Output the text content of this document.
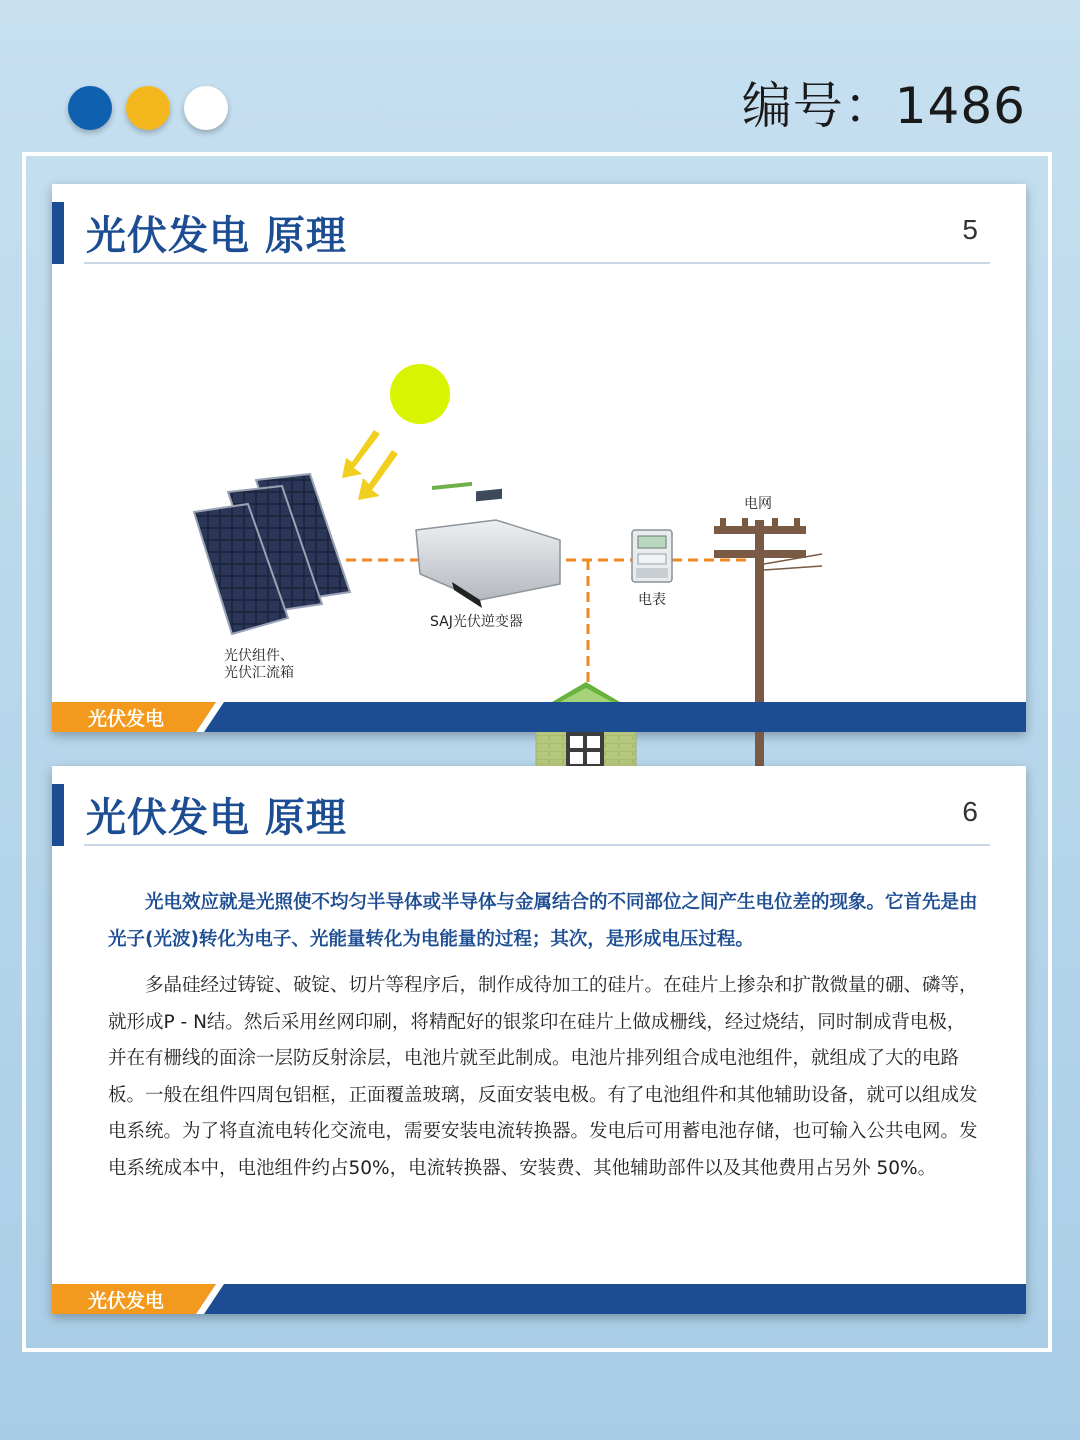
编号：1486
光伏发电 原理	5
光伏组件、
光伏汇流箱
SAJ光伏逆变器
电表
电网
光伏发电
光伏发电 原理	6

光电效应就是光照使不均匀半导体或半导体与金属结合的不同部位之间产生电位差的现象。它首先是由光子(光波)转化为电子、光能量转化为电能量的过程；其次，是形成电压过程。

多晶硅经过铸锭、破锭、切片等程序后，制作成待加工的硅片。在硅片上掺杂和扩散微量的硼、磷等，就形成P - N结。然后采用丝网印刷，将精配好的银浆印在硅片上做成栅线，经过烧结，同时制成背电极，并在有栅线的面涂一层防反射涂层，电池片就至此制成。电池片排列组合成电池组件，就组成了大的电路板。一般在组件四周包铝框，正面覆盖玻璃，反面安装电极。有了电池组件和其他辅助设备，就可以组成发电系统。为了将直流电转化交流电，需要安装电流转换器。发电后可用蓄电池存储，也可输入公共电网。发电系统成本中，电池组件约占50%，电流转换器、安装费、其他辅助部件以及其他费用占另外 50%。

光伏发电
